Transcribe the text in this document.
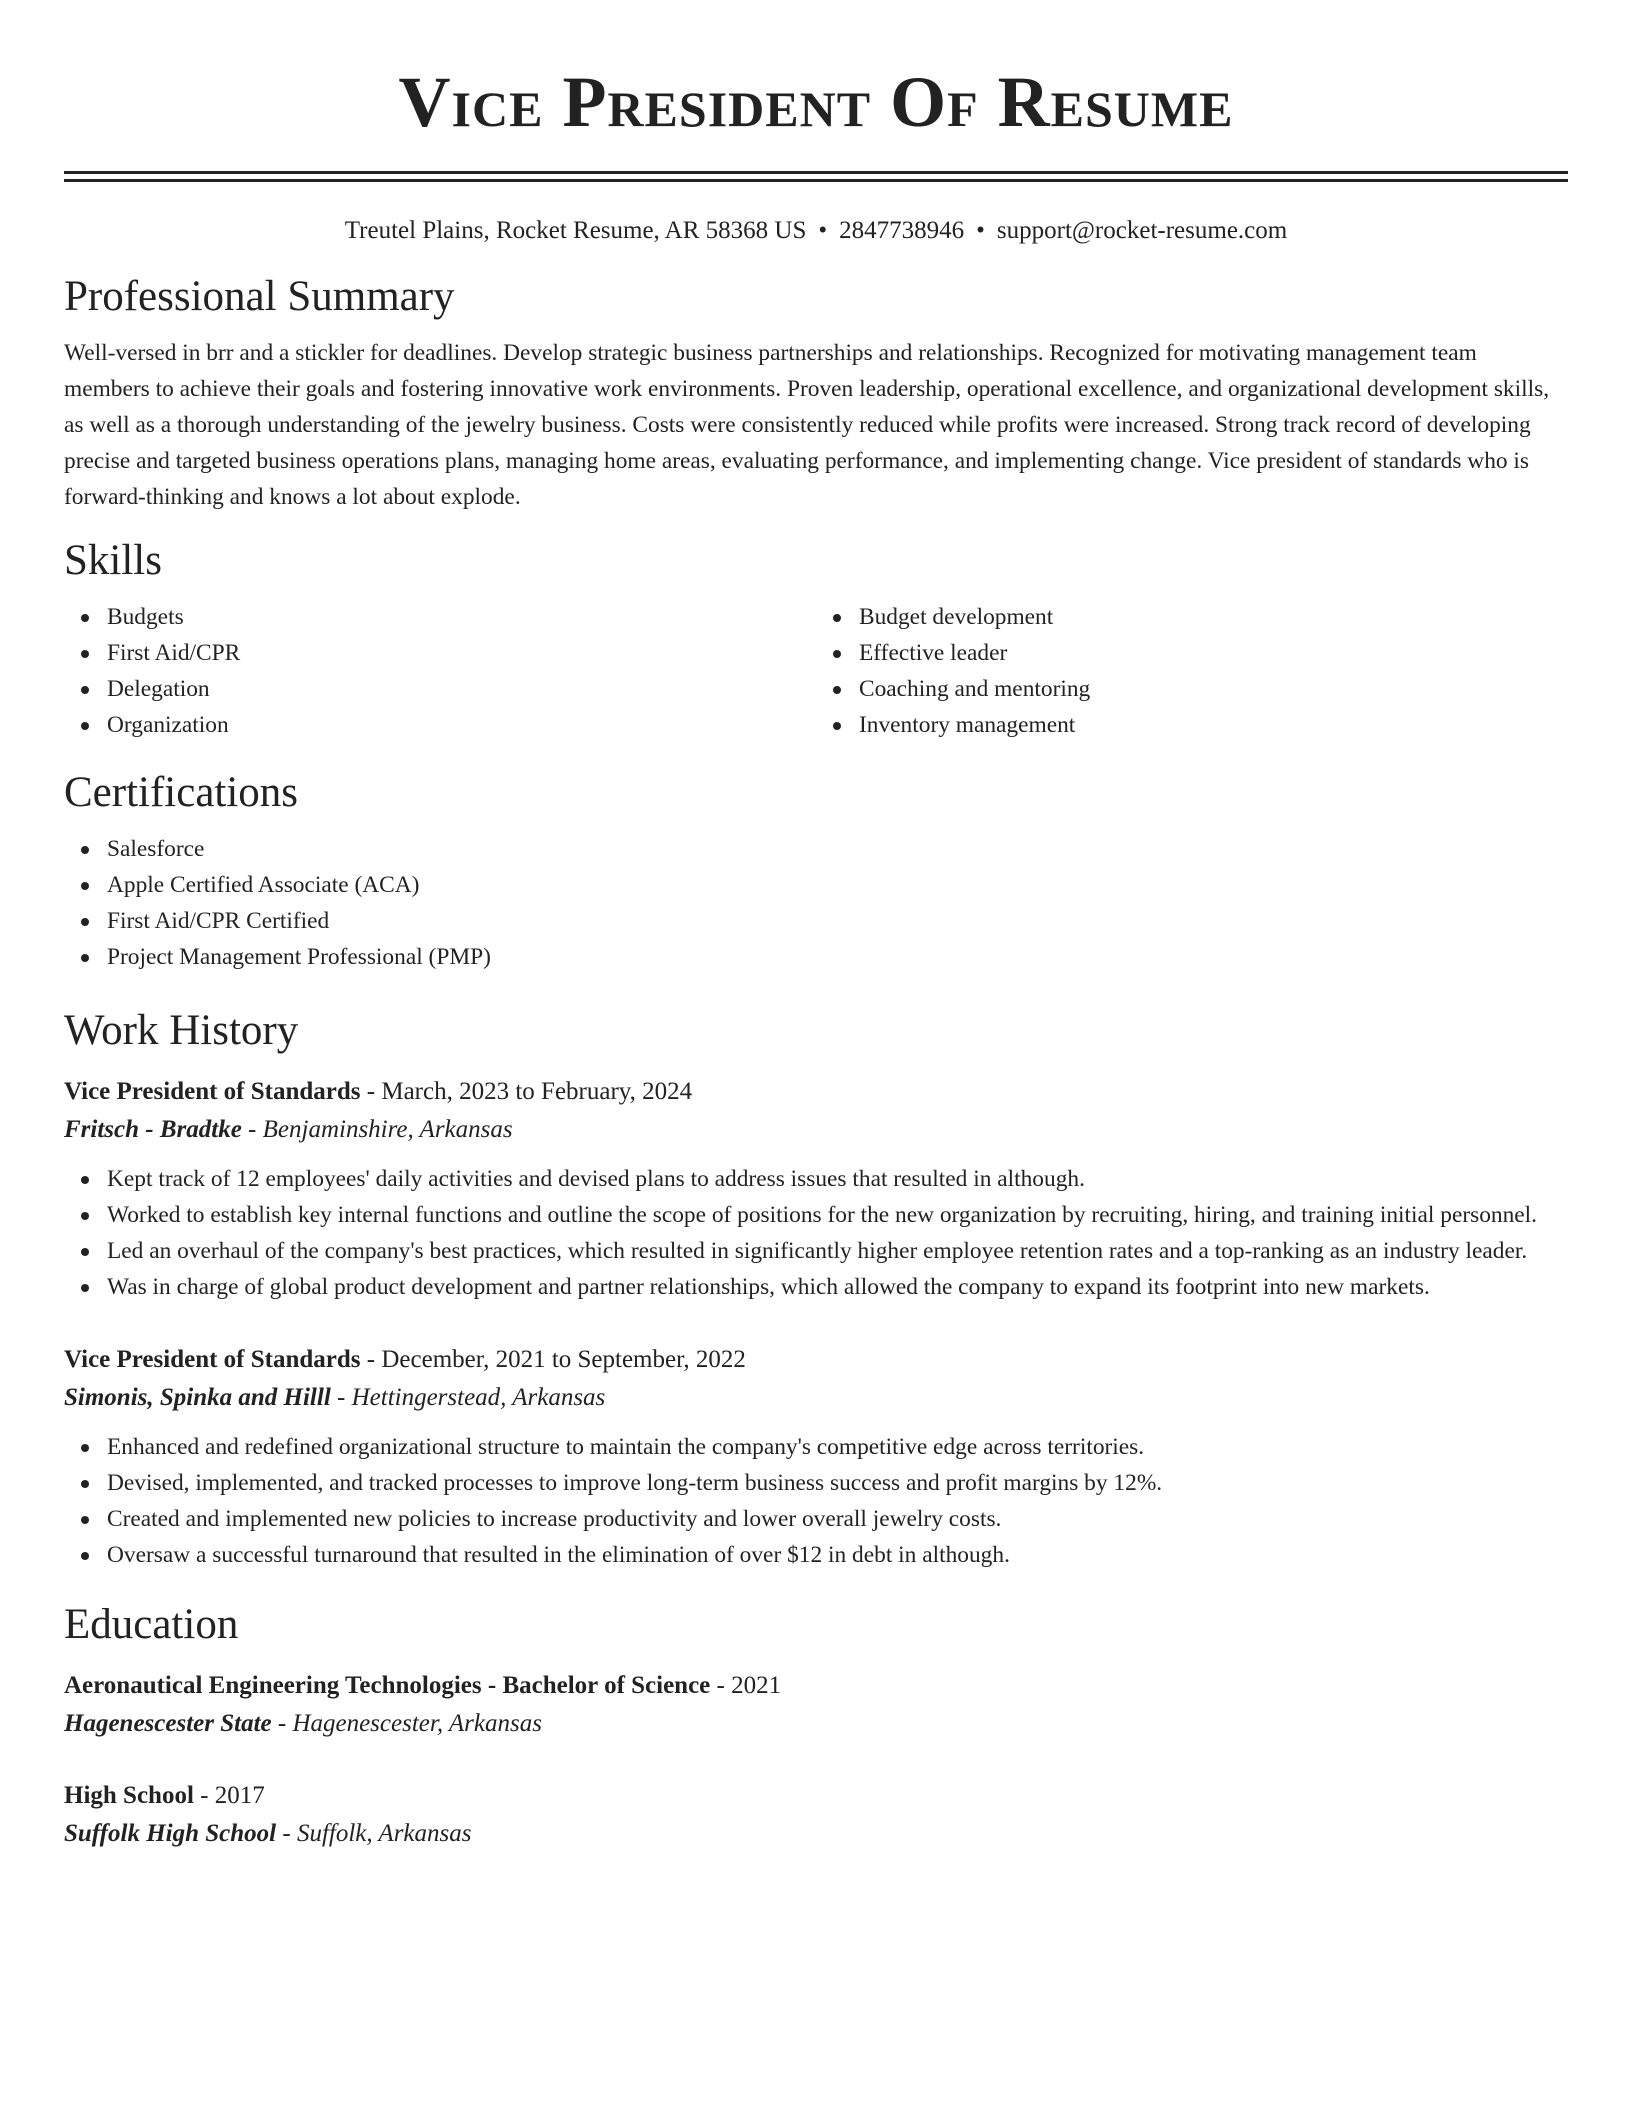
Vice President Of Resume
Treutel Plains, Rocket Resume, AR 58368 US • 2847738946 • support@rocket-resume.com
Professional Summary

Well-versed in brr and a stickler for deadlines. Develop strategic business partnerships and relationships. Recognized for motivating management team members to achieve their goals and fostering innovative work environments. Proven leadership, operational excellence, and organizational development skills, as well as a thorough understanding of the jewelry business. Costs were consistently reduced while profits were increased. Strong track record of developing precise and targeted business operations plans, managing home areas, evaluating performance, and implementing change. Vice president of standards who is forward-thinking and knows a lot about explode.

Skills
Budgets
First Aid/CPR
Delegation
Organization
Budget development
Effective leader
Coaching and mentoring
Inventory management
Certifications
Salesforce
Apple Certified Associate (ACA)
First Aid/CPR Certified
Project Management Professional (PMP)
Work History
Vice President of Standards - March, 2023 to February, 2024
Fritsch - Bradtke - Benjaminshire, Arkansas
Kept track of 12 employees' daily activities and devised plans to address issues that resulted in although.
Worked to establish key internal functions and outline the scope of positions for the new organization by recruiting, hiring, and training initial personnel.
Led an overhaul of the company's best practices, which resulted in significantly higher employee retention rates and a top-ranking as an industry leader.
Was in charge of global product development and partner relationships, which allowed the company to expand its footprint into new markets.
Vice President of Standards - December, 2021 to September, 2022
Simonis, Spinka and Hilll - Hettingerstead, Arkansas
Enhanced and redefined organizational structure to maintain the company's competitive edge across territories.
Devised, implemented, and tracked processes to improve long-term business success and profit margins by 12%.
Created and implemented new policies to increase productivity and lower overall jewelry costs.
Oversaw a successful turnaround that resulted in the elimination of over $12 in debt in although.
Education
Aeronautical Engineering Technologies - Bachelor of Science - 2021
Hagenescester State - Hagenescester, Arkansas
High School - 2017
Suffolk High School - Suffolk, Arkansas
